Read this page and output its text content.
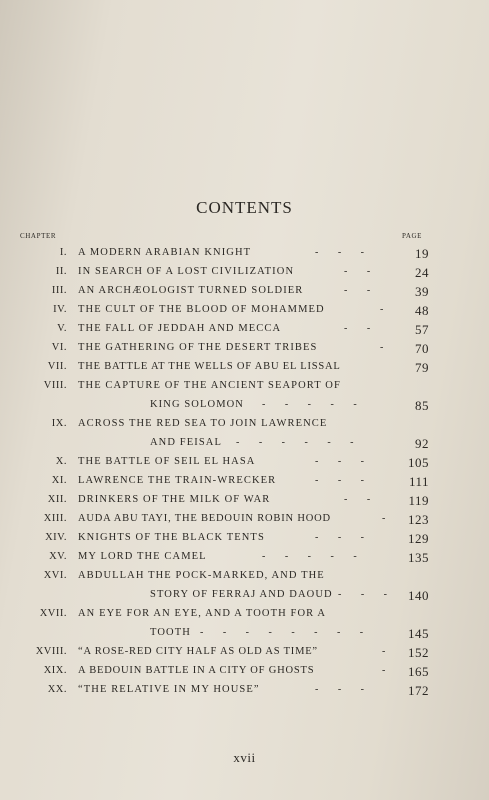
CONTENTS
CHAPTER	PAGE
I. A MODERN ARABIAN KNIGHT	- - -	19
II. IN SEARCH OF A LOST CIVILIZATION	- -	24
III. AN ARCHÆOLOGIST TURNED SOLDIER	- -	39
IV. THE CULT OF THE BLOOD OF MOHAMMED	- 48
V. THE FALL OF JEDDAH AND MECCA	- -	57
VI. THE GATHERING OF THE DESERT TRIBES	- 70
VII. THE BATTLE AT THE WELLS OF ABU EL LISSAL	79
VIII. THE CAPTURE OF THE ANCIENT SEAPORT OF
KING SOLOMON - - - - -	85
IX. ACROSS THE RED SEA TO JOIN LAWRENCE
AND FEISAL - - - - - -	92
X. THE BATTLE OF SEIL EL HASA	- - -	105
XI. LAWRENCE THE TRAIN-WRECKER	- - -	111
XII. DRINKERS OF THE MILK OF WAR	- -	119
XIII. AUDA ABU TAYI, THE BEDOUIN ROBIN HOOD	- 123
XIV. KNIGHTS OF THE BLACK TENTS	- - -	129
XV. MY LORD THE CAMEL	- - - - -	135
XVI. ABDULLAH THE POCK-MARKED, AND THE
STORY OF FERRAJ AND DAOUD - - - 140
XVII. AN EYE FOR AN EYE, AND A TOOTH FOR A
TOOTH - - - - - - - -	145
XVIII. “A ROSE-RED CITY HALF AS OLD AS TIME”	- 152
XIX. A BEDOUIN BATTLE IN A CITY OF GHOSTS	- 165
XX. “THE RELATIVE IN MY HOUSE”	- - -	172
xvii
